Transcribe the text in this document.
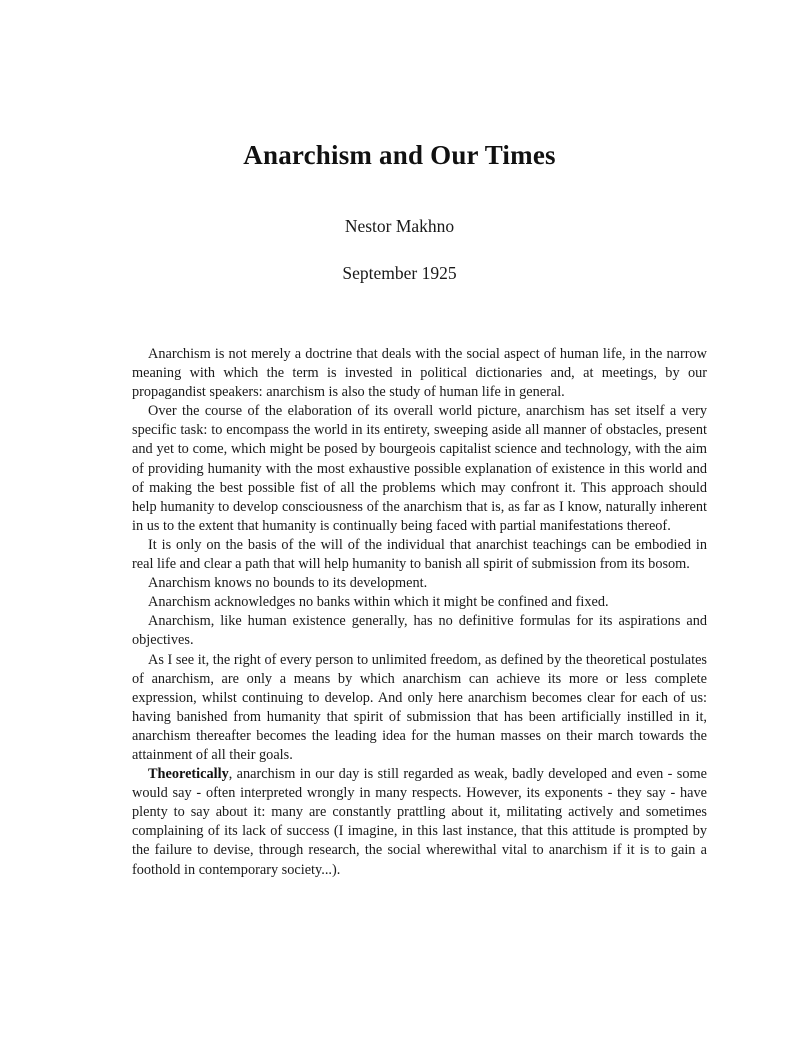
Anarchism and Our Times
Nestor Makhno
September 1925

Anarchism is not merely a doctrine that deals with the social aspect of human life, in the narrow meaning with which the term is invested in political dictionaries and, at meetings, by our propagandist speakers: anarchism is also the study of human life in general.

Over the course of the elaboration of its overall world picture, anarchism has set itself a very specific task: to encompass the world in its entirety, sweeping aside all manner of obstacles, present and yet to come, which might be posed by bourgeois capitalist science and technology, with the aim of providing humanity with the most exhaustive possible explanation of existence in this world and of making the best possible fist of all the problems which may confront it. This approach should help humanity to develop consciousness of the anarchism that is, as far as I know, naturally inherent in us to the extent that humanity is continually being faced with partial manifestations thereof.

It is only on the basis of the will of the individual that anarchist teachings can be embodied in real life and clear a path that will help humanity to banish all spirit of submission from its bosom.

Anarchism knows no bounds to its development.

Anarchism acknowledges no banks within which it might be confined and fixed.

Anarchism, like human existence generally, has no definitive formulas for its aspirations and objectives.

As I see it, the right of every person to unlimited freedom, as defined by the theoretical postulates of anarchism, are only a means by which anarchism can achieve its more or less complete expression, whilst continuing to develop. And only here anarchism becomes clear for each of us: having banished from humanity that spirit of submission that has been artificially instilled in it, anarchism thereafter becomes the leading idea for the human masses on their march towards the attainment of all their goals.

Theoretically, anarchism in our day is still regarded as weak, badly developed and even - some would say - often interpreted wrongly in many respects. However, its exponents - they say - have plenty to say about it: many are constantly prattling about it, militating actively and sometimes complaining of its lack of success (I imagine, in this last instance, that this attitude is prompted by the failure to devise, through research, the social wherewithal vital to anarchism if it is to gain a foothold in contemporary society...).
